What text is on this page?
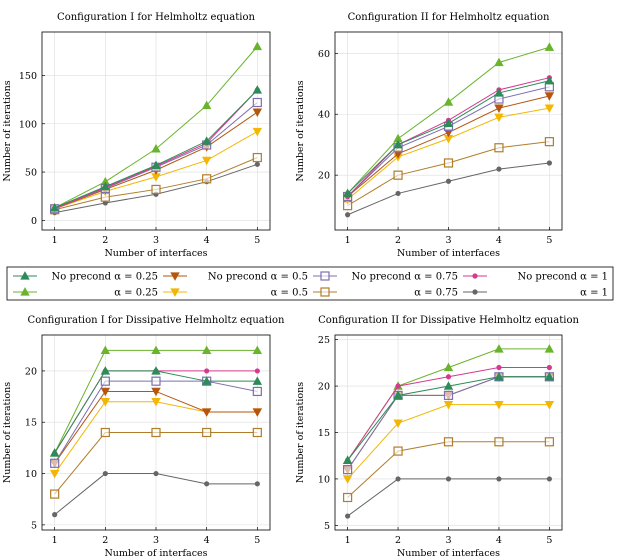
1	2	3	4	5
0
50
100
150
Configuration I for Helmholtz equation
Number of interfaces
Number of iterations
1	2	3	4	5
20
40
60
Configuration II for Helmholtz equation
Number of interfaces
Number of iterations
1	2	3	4	5
5
10
15
20
Configuration I for Dissipative Helmholtz equation
Number of interfaces
Number of iterations
1	2	3	4	5
5
10
15
20
25
Configuration II for Dissipative Helmholtz equation
Number of interfaces
Number of iterations
No precond α = 0.25	No precond α = 0.5	No precond α = 0.75	No precond α = 1
α = 0.25	α = 0.5	α = 0.75	α = 1
